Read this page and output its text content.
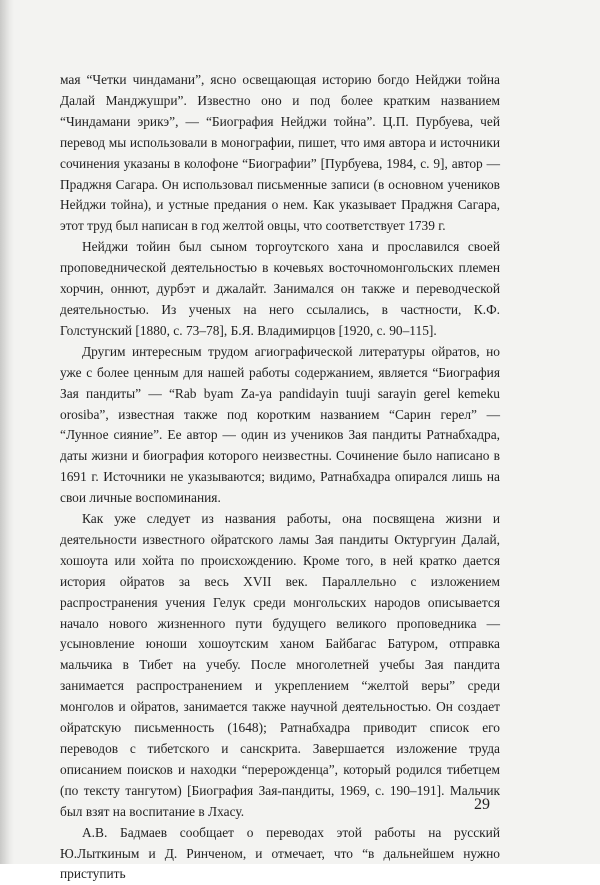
мая “Четки чиндамани”, ясно освещающая историю богдо Нейджи тойна Далай Манджушри”. Известно оно и под более кратким названием “Чиндамани эрикэ”, — “Биография Нейджи тойна”. Ц.П. Пурбуева, чей перевод мы использовали в монографии, пишет, что имя автора и источники сочинения указаны в колофоне “Биографии” [Пурбуева, 1984, с. 9], автор — Праджня Сагара. Он использовал письменные записи (в основном учеников Нейджи тойна), и устные предания о нем. Как указывает Праджня Сагара, этот труд был написан в год желтой овцы, что соответствует 1739 г.

Нейджи тойин был сыном торгоутского хана и прославился своей проповеднической деятельностью в кочевьях восточномонгольских племен хорчин, оннют, дурбэт и джалайт. Занимался он также и переводческой деятельностью. Из ученых на него ссылались, в частности, К.Ф. Голстунский [1880, с. 73–78], Б.Я. Владимирцов [1920, с. 90–115].

Другим интересным трудом агиографической литературы ойратов, но уже с более ценным для нашей работы содержанием, является “Биография Зая пандиты” — “Rab byam Za-ya pandidayin tuuji sarayin gerel kemeku orosiba”, известная также под коротким названием “Сарин герел” — “Лунное сияние”. Ее автор — один из учеников Зая пандиты Ратнабхадра, даты жизни и биография которого неизвестны. Сочинение было написано в 1691 г. Источники не указываются; видимо, Ратнабхадра опирался лишь на свои личные воспоминания.

Как уже следует из названия работы, она посвящена жизни и деятельности известного ойратского ламы Зая пандиты Октургуин Далай, хошоута или хойта по происхождению. Кроме того, в ней кратко дается история ойратов за весь XVII век. Параллельно с изложением распространения учения Гелук среди монгольских народов описывается начало нового жизненного пути будущего великого проповедника — усыновление юноши хошоутским ханом Байбагас Батуром, отправка мальчика в Тибет на учебу. После многолетней учебы Зая пандита занимается распространением и укреплением “желтой веры” среди монголов и ойратов, занимается также научной деятельностью. Он создает ойратскую письменность (1648); Ратнабхадра приводит список его переводов с тибетского и санскрита. Завершается изложение труда описанием поисков и находки “перерожденца”, который родился тибетцем (по тексту тангутом) [Биография Зая-пандиты, 1969, с. 190–191]. Мальчик был взят на воспитание в Лхасу.

А.В. Бадмаев сообщает о переводах этой работы на русский Ю.Лыткиным и Д. Ринченом, и отмечает, что “в дальнейшем нужно приступить

29
